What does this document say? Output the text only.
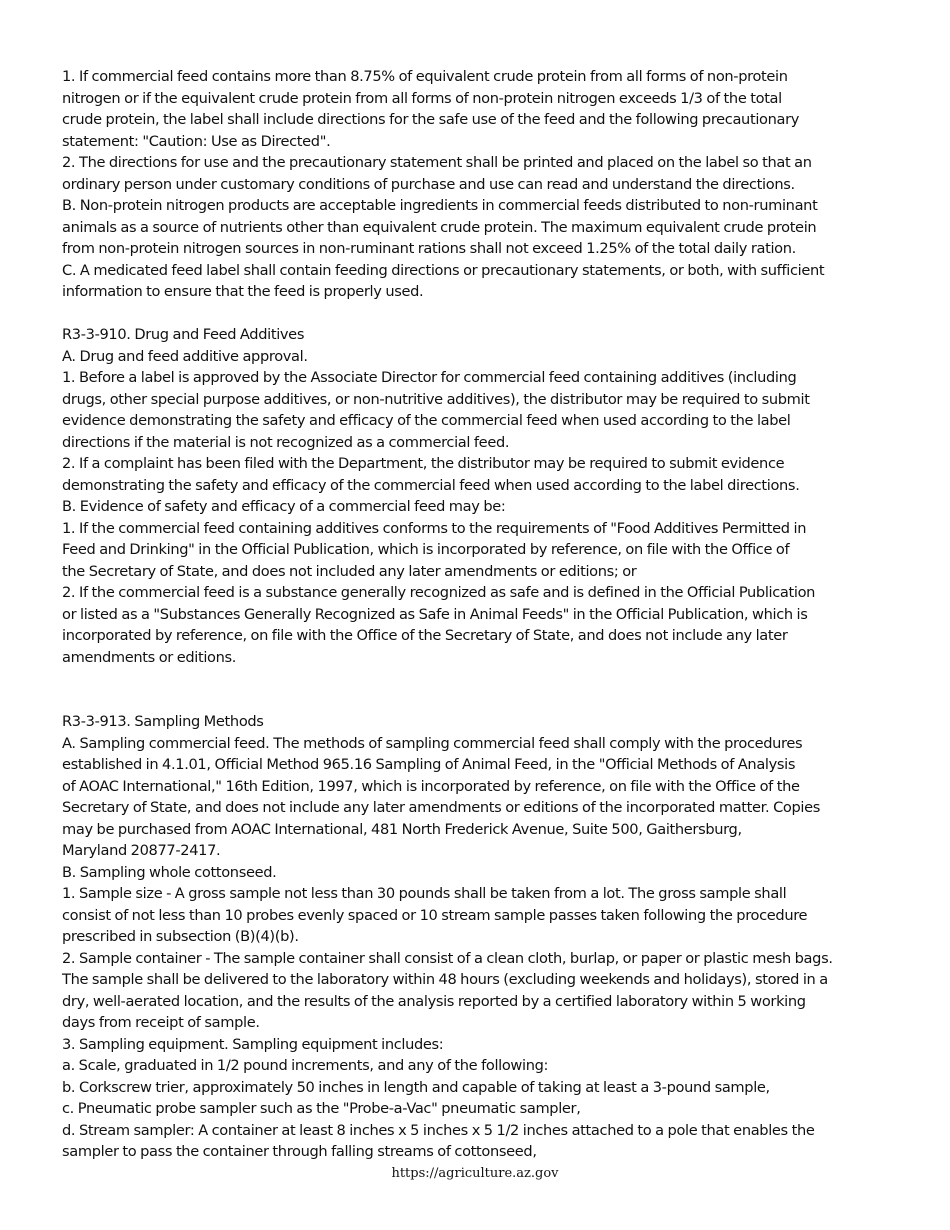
1. If commercial feed contains more than 8.75% of equivalent crude protein from all forms of non-protein
nitrogen or if the equivalent crude protein from all forms of non-protein nitrogen exceeds 1/3 of the total
crude protein, the label shall include directions for the safe use of the feed and the following precautionary
statement: "Caution: Use as Directed".
2. The directions for use and the precautionary statement shall be printed and placed on the label so that an
ordinary person under customary conditions of purchase and use can read and understand the directions.
B. Non-protein nitrogen products are acceptable ingredients in commercial feeds distributed to non-ruminant
animals as a source of nutrients other than equivalent crude protein. The maximum equivalent crude protein
from non-protein nitrogen sources in non-ruminant rations shall not exceed 1.25% of the total daily ration.
C. A medicated feed label shall contain feeding directions or precautionary statements, or both, with sufficient
information to ensure that the feed is properly used.
R3-3-910. Drug and Feed Additives
A. Drug and feed additive approval.
1. Before a label is approved by the Associate Director for commercial feed containing additives (including
drugs, other special purpose additives, or non-nutritive additives), the distributor may be required to submit
evidence demonstrating the safety and efficacy of the commercial feed when used according to the label
directions if the material is not recognized as a commercial feed.
2. If a complaint has been filed with the Department, the distributor may be required to submit evidence
demonstrating the safety and efficacy of the commercial feed when used according to the label directions.
B. Evidence of safety and efficacy of a commercial feed may be:
1. If the commercial feed containing additives conforms to the requirements of "Food Additives Permitted in
Feed and Drinking" in the Official Publication, which is incorporated by reference, on file with the Office of
the Secretary of State, and does not included any later amendments or editions; or
2. If the commercial feed is a substance generally recognized as safe and is defined in the Official Publication
or listed as a "Substances Generally Recognized as Safe in Animal Feeds" in the Official Publication, which is
incorporated by reference, on file with the Office of the Secretary of State, and does not include any later
amendments or editions.
R3-3-913. Sampling Methods
A. Sampling commercial feed. The methods of sampling commercial feed shall comply with the procedures
established in 4.1.01, Official Method 965.16 Sampling of Animal Feed, in the "Official Methods of Analysis
of AOAC International," 16th Edition, 1997, which is incorporated by reference, on file with the Office of the
Secretary of State, and does not include any later amendments or editions of the incorporated matter. Copies
may be purchased from AOAC International, 481 North Frederick Avenue, Suite 500, Gaithersburg,
Maryland 20877-2417.
B. Sampling whole cottonseed.
1. Sample size - A gross sample not less than 30 pounds shall be taken from a lot. The gross sample shall
consist of not less than 10 probes evenly spaced or 10 stream sample passes taken following the procedure
prescribed in subsection (B)(4)(b).
2. Sample container - The sample container shall consist of a clean cloth, burlap, or paper or plastic mesh bags.
The sample shall be delivered to the laboratory within 48 hours (excluding weekends and holidays), stored in a
dry, well-aerated location, and the results of the analysis reported by a certified laboratory within 5 working
days from receipt of sample.
3. Sampling equipment. Sampling equipment includes:
a. Scale, graduated in 1/2 pound increments, and any of the following:
b. Corkscrew trier, approximately 50 inches in length and capable of taking at least a 3-pound sample,
c. Pneumatic probe sampler such as the "Probe-a-Vac" pneumatic sampler,
d. Stream sampler: A container at least 8 inches x 5 inches x 5 1/2 inches attached to a pole that enables the
sampler to pass the container through falling streams of cottonseed,
https://agriculture.az.gov
